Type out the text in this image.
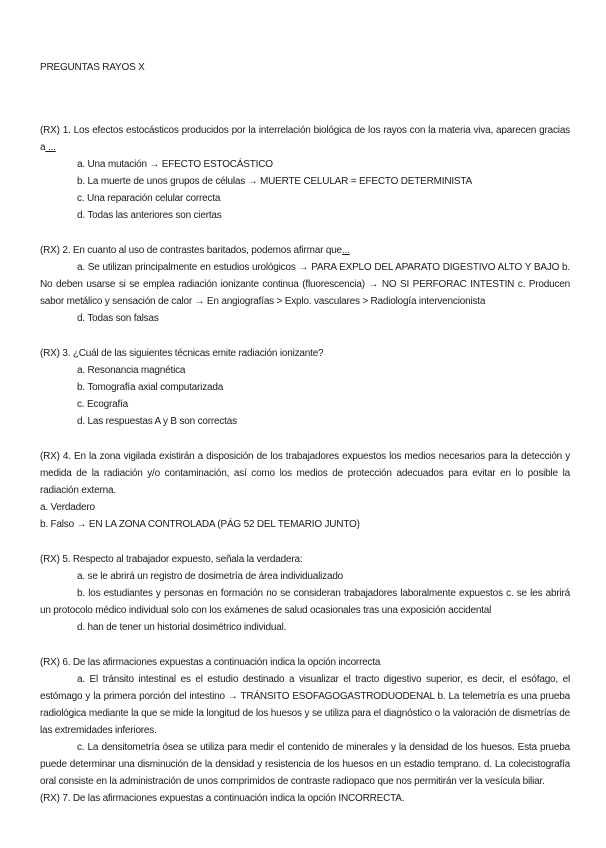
PREGUNTAS RAYOS X

(RX) 1. Los efectos estocásticos producidos por la interrelación biológica de los rayos con la materia viva, aparecen gracias a ...

a. Una mutación → EFECTO ESTOCÁSTICO

b. La muerte de unos grupos de células → MUERTE CELULAR = EFECTO DETERMINISTA

c. Una reparación celular correcta

d. Todas las anteriores son ciertas

(RX) 2. En cuanto al uso de contrastes baritados, podemos afirmar que...

a. Se utilizan principalmente en estudios urológicos → PARA EXPLO DEL APARATO DIGESTIVO ALTO Y BAJO b. No deben usarse si se emplea radiación ionizante continua (fluorescencia) → NO SI PERFORAC INTESTIN c. Producen sabor metálico y sensación de calor → En angiografías > Explo. vasculares > Radiología intervencionista

d. Todas son falsas

(RX) 3. ¿Cuál de las siguientes técnicas emite radiación ionizante?

a. Resonancia magnética

b. Tomografía axial computarizada

c. Ecografía

d. Las respuestas A y B son correctas

(RX) 4. En la zona vigilada existirán a disposición de los trabajadores expuestos los medios necesarios para la detección y medida de la radiación y/o contaminación, así como los medios de protección adecuados para evitar en lo posible la radiación externa.

a. Verdadero

b. Falso → EN LA ZONA CONTROLADA (PÁG 52 DEL TEMARIO JUNTO)

(RX) 5. Respecto al trabajador expuesto, señala la verdadera:

a. se le abrirá un registro de dosimetría de área individualizado

b. los estudiantes y personas en formación no se consideran trabajadores laboralmente expuestos c. se les abrirá un protocolo médico individual solo con los exámenes de salud ocasionales tras una exposición accidental

d. han de tener un historial dosimétrico individual.

(RX) 6. De las afirmaciones expuestas a continuación indica la opción incorrecta

a. El tránsito intestinal es el estudio destinado a visualizar el tracto digestivo superior, es decir, el esófago, el estómago y la primera porción del intestino → TRÁNSITO ESOFAGOGASTRODUODENAL b. La telemetría es una prueba radiológica mediante la que se mide la longitud de los huesos y se utiliza para el diagnóstico o la valoración de dismetrías de las extremidades inferiores.

c. La densitometría ósea se utiliza para medir el contenido de minerales y la densidad de los huesos. Esta prueba puede determinar una disminución de la densidad y resistencia de los huesos en un estadio temprano. d. La colecistografía oral consiste en la administración de unos comprimidos de contraste radiopaco que nos permitirán ver la vesícula biliar.

(RX) 7. De las afirmaciones expuestas a continuación indica la opción INCORRECTA.
